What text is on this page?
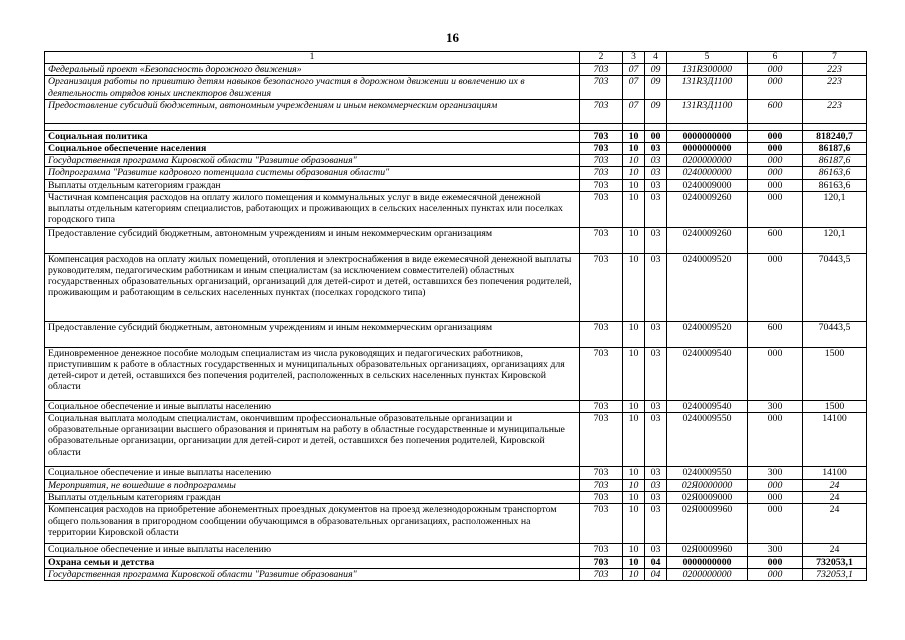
16
1	2	3	4	5	6	7
Федеральный проект «Безопасность дорожного движения»	703	07	09	131R300000	000	223
Организация работы по привитию детям навыков безопасного участия в дорожном движении и вовлечению их в деятельность отрядов юных инспекторов движения	703	07	09	131R3Д1100	000	223
Предоставление субсидий бюджетным, автономным учреждениям и иным некоммерческим организациям	703	07	09	131R3Д1100	600	223

Социальная политика	703	10	00	0000000000	000	818240,7
Социальное обеспечение населения	703	10	03	0000000000	000	86187,6
Государственная программа Кировской области "Развитие образования"	703	10	03	0200000000	000	86187,6
Подпрограмма "Развитие кадрового потенциала системы образования области"	703	10	03	0240000000	000	86163,6
Выплаты отдельным категориям граждан	703	10	03	0240009000	000	86163,6
Частичная компенсация расходов на оплату жилого помещения и коммунальных услуг в виде ежемесячной денежной выплаты отдельным категориям специалистов, работающих и проживающих в сельских населенных пунктах или поселках городского типа	703	10	03	0240009260	000	120,1
Предоставление субсидий бюджетным, автономным учреждениям и иным некоммерческим организациям	703	10	03	0240009260	600	120,1
Компенсация расходов на оплату жилых помещений, отопления и электроснабжения в виде ежемесячной денежной выплаты руководителям, педагогическим работникам и иным специалистам (за исключением совместителей) областных государственных образовательных организаций, организаций для детей-сирот и детей, оставшихся без попечения родителей, проживающим и работающим в сельских населенных пунктах (поселках городского типа)	703	10	03	0240009520	000	70443,5
Предоставление субсидий бюджетным, автономным учреждениям и иным некоммерческим организациям	703	10	03	0240009520	600	70443,5
Единовременное денежное пособие молодым специалистам из числа руководящих и педагогических работников, приступившим к работе в областных государственных и муниципальных образовательных организациях, организациях для детей-сирот и детей, оставшихся без попечения родителей, расположенных в сельских населенных пунктах Кировской области	703	10	03	0240009540	000	1500
Социальное обеспечение и иные выплаты населению	703	10	03	0240009540	300	1500
Социальная выплата молодым специалистам, окончившим профессиональные образовательные организации и образовательные организации высшего образования и принятым на работу в областные государственные и муниципальные образовательные организации, организации для детей-сирот и детей, оставшихся без попечения родителей, Кировской области	703	10	03	0240009550	000	14100
Социальное обеспечение и иные выплаты населению	703	10	03	0240009550	300	14100
Мероприятия, не вошедшие в подпрограммы	703	10	03	02Я0000000	000	24
Выплаты отдельным категориям граждан	703	10	03	02Я0009000	000	24
Компенсация расходов на приобретение абонементных проездных документов на проезд железнодорожным транспортом общего пользования в пригородном сообщении обучающимся в образовательных организациях, расположенных на территории Кировской области	703	10	03	02Я0009960	000	24
Социальное обеспечение и иные выплаты населению	703	10	03	02Я0009960	300	24
Охрана семьи и детства	703	10	04	0000000000	000	732053,1
Государственная программа Кировской области "Развитие образования"	703	10	04	0200000000	000	732053,1
